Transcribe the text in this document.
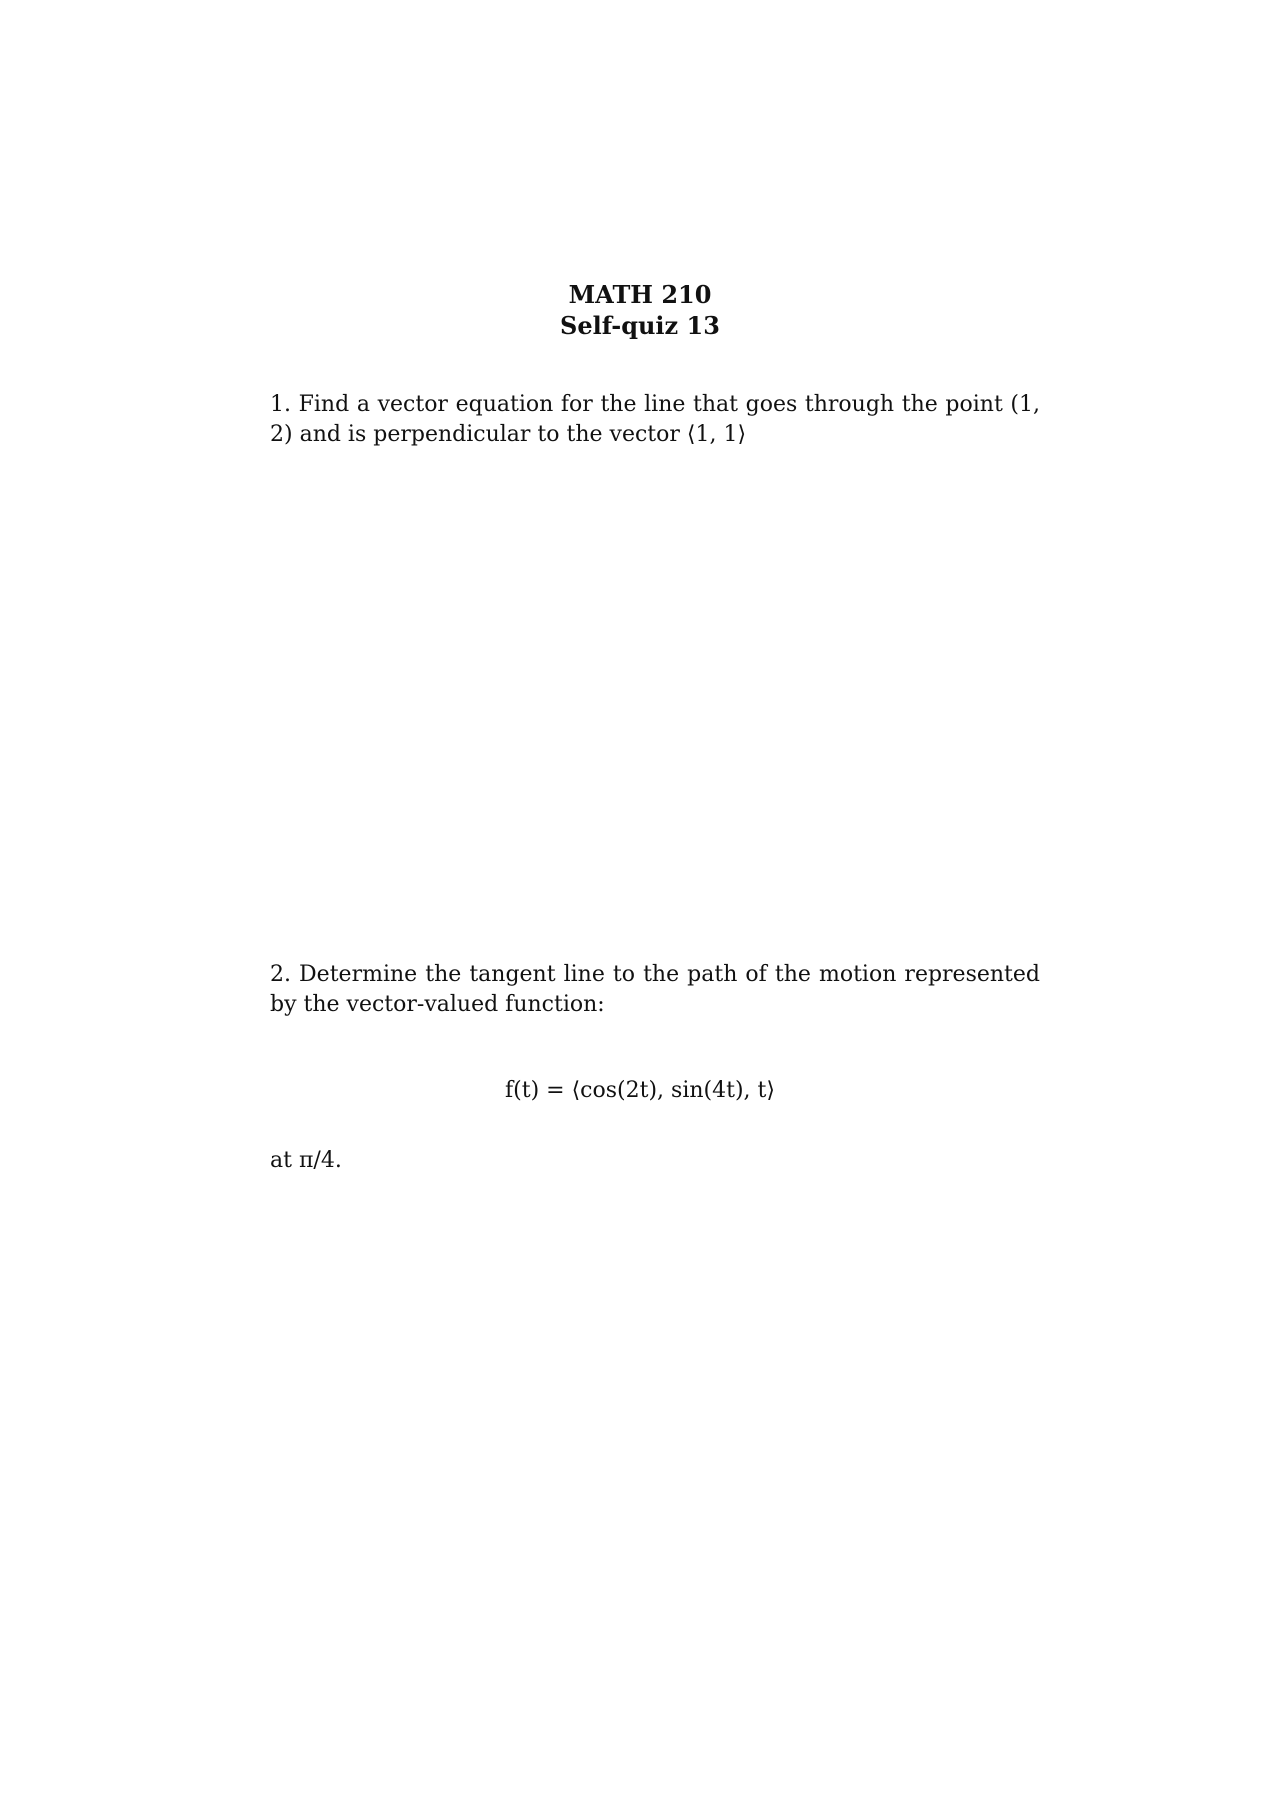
MATH 210
Self-quiz 13
1. Find a vector equation for the line that goes through the point (1, 2) and is perpendicular to the vector ⟨1, 1⟩
2. Determine the tangent line to the path of the motion represented by the vector-valued function:
f(t) = ⟨cos(2t), sin(4t), t⟩
at π/4.
